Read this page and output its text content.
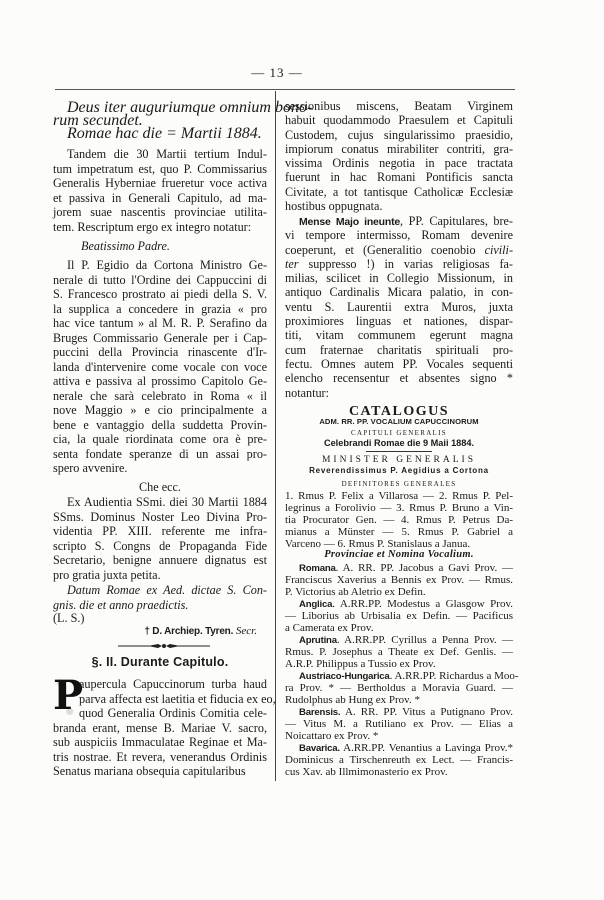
— 13 —
Deus iter auguriumque omnium bono-
rum secundet.
Romae hac die = Martii 1884.
Tandem die 30 Martii tertium Indul-
tum impetratum est, quo P. Commissarius
Generalis Hyberniae frueretur voce activa
et passiva in Generali Capitulo, ad ma-
jorem suae nascentis provinciae utilita-
tem. Rescriptum ergo ex integro notatur:
Beatissimo Padre.
Il P. Egidio da Cortona Ministro Ge-
nerale di tutto l'Ordine dei Cappuccini di
S. Francesco prostrato ai piedi della S. V.
la supplica a concedere in grazia « pro
hac vice tantum » al M. R. P. Serafino da
Bruges Commissario Generale per i Cap-
puccini della Provincia rinascente d'Ir-
landa d'intervenire come vocale con voce
attiva e passiva al prossimo Capitolo Ge-
nerale che sarà celebrato in Roma « il
nove Maggio » e cio principalmente a
bene e vantaggio della suddetta Provin-
cia, la quale riordinata come ora è pre-
senta fondate speranze di un assai pro-
spero avvenire.
Che ecc.
Ex Audientia SSmi. diei 30 Martii 1884
SSms. Dominus Noster Leo Divina Pro-
videntia PP. XIII. referente me infra-
scripto S. Congns de Propaganda Fide
Secretario, benigne annuere dignatus est
pro gratia juxta petita.
Datum Romae ex Aed. dictae S. Con-
gnis. die et anno praedictis.
(L. S.)
† D. Archiep. Tyren. Secr.
§. II. Durante Capitulo.
P
aupercula Capuccinorum turba haud
parva affecta est laetitia et fiducia ex eo,
quod Generalia Ordinis Comitia cele-
branda erant, mense B. Mariae V. sacro,
sub auspiciis Immaculatae Reginae et Ma-
tris nostrae. Et revera, venerandus Ordinis
Senatus mariana obsequia capitularibus
sessionibus miscens, Beatam Virginem
habuit quodammodo Praesulem et Capituli
Custodem, cujus singularissimo praesidio,
impiorum conatus mirabiliter contriti, gra-
vissima Ordinis negotia in pace tractata
fuerunt in hac Romani Pontificis sancta
Civitate, a tot tantisque Catholicæ Ecclesiæ
hostibus oppugnata.
Mense Majo ineunte, PP. Capitulares, bre-
vi tempore intermisso, Romam devenire
coeperunt, et (Generalitio coenobio civili-
ter suppresso !) in varias religiosas fa-
milias, scilicet in Collegio Missionum, in
antiquo Cardinalis Micara palatio, in con-
ventu S. Laurentii extra Muros, juxta
proximiores linguas et nationes, dispar-
titi, vitam communem egerunt magna
cum fraternae charitatis spirituali pro-
fectu. Omnes autem PP. Vocales sequenti
elencho recensentur et absentes signo *
notantur:
CATALOGUS
ADM. RR. PP. VOCALIUM CAPUCCINORUM
CAPITULI GENERALIS
Celebrandi Romae die 9 Maii 1884.
MINISTER GENERALIS
Reverendissimus P. Aegidius a Cortona
DEFINITORES GENERALES
1. Rmus P. Felix a Villarosa — 2. Rmus P. Pel-
legrinus a Forolivio — 3. Rmus P. Bruno a Vin-
tia Procurator Gen. — 4. Rmus P. Petrus Da-
mianus a Münster — 5. Rmus P. Gabriel a
Varceno — 6. Rmus P. Stanislaus a Janua.
Provinciae et Nomina Vocalium.
Romana. A. RR. PP. Jacobus a Gavi Prov. —
Franciscus Xaverius a Bennis ex Prov. — Rmus.
P. Victorius ab Aletrio ex Defin.
Anglica. A.RR.PP. Modestus a Glasgow Prov.
— Liborius ab Urbisalia ex Defin. — Pacificus
a Camerata ex Prov.
Aprutina. A.RR.PP. Cyrillus a Penna Prov. —
Rmus. P. Josephus a Theate ex Def. Genlis. —
A.R.P. Philippus a Tussio ex Prov.
Austriaco-Hungarica. A.RR.PP. Richardus a Moo-
ra Prov. * — Bertholdus a Moravia Guard. —
Rudolphus ab Hung ex Prov. *
Barensis. A. RR. PP. Vitus a Putignano Prov.
— Vitus M. a Rutiliano ex Prov. — Elias a
Noicattaro ex Prov. *
Bavarica. A.RR.PP. Venantius a Lavinga Prov.*
Dominicus a Tirschenreuth ex Lect. — Francis-
cus Xav. ab Illmimonasterio ex Prov.
